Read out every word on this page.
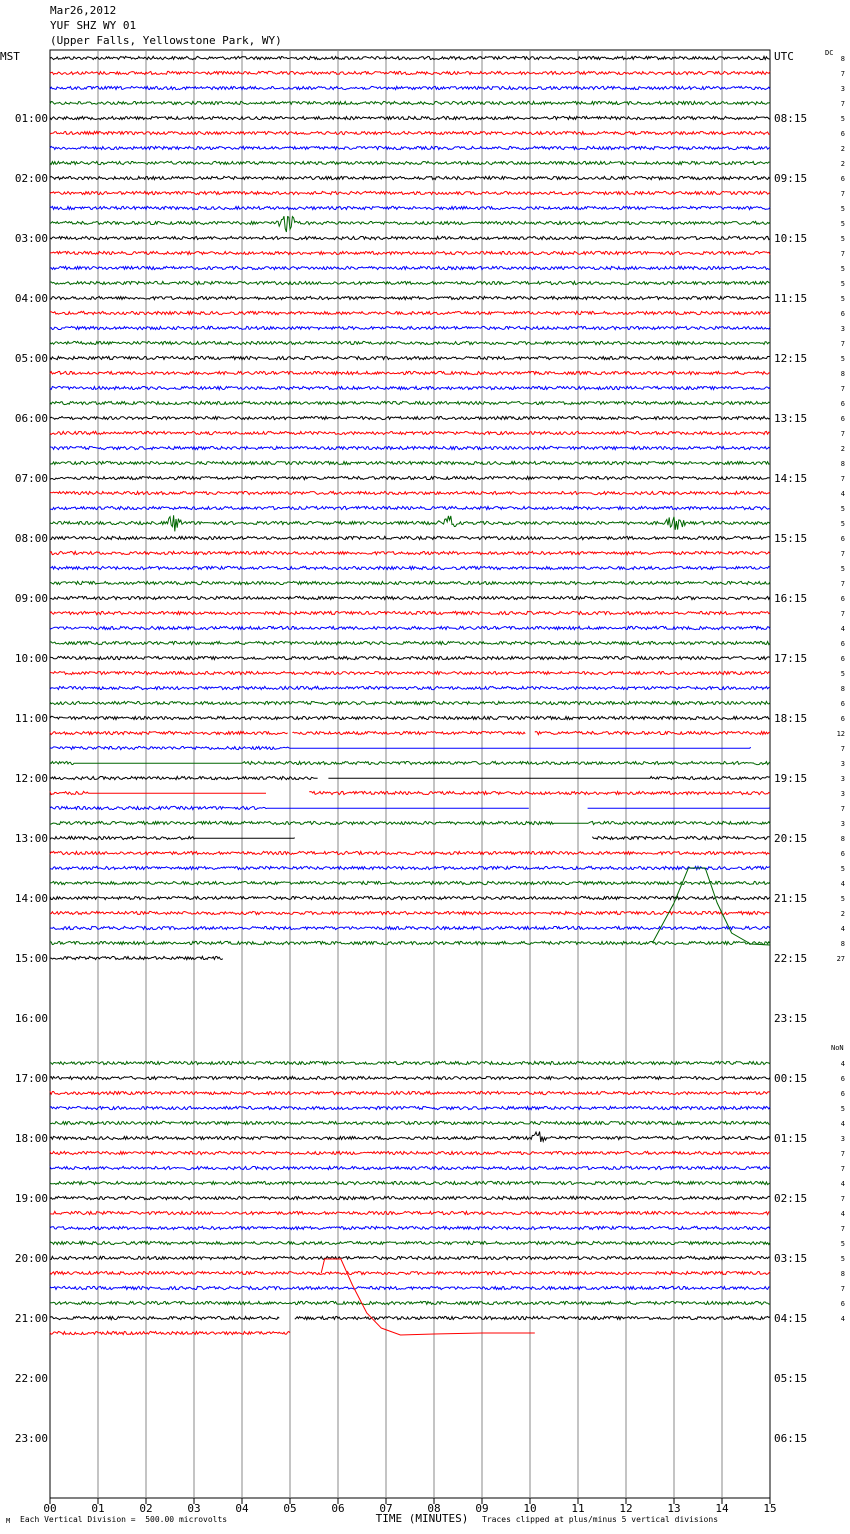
Mar26,2012
YUF SHZ WY 01
(Upper Falls, Yellowstone Park, WY)
M Each Vertical Division =  500.00 microvolts	Traces clipped at plus/minus 5 vertical divisions
DC
NoN
00	01	02	03	04	05	06	07	08	09	10	11	12	13	14	15
TIME (MINUTES)
MST
01:00
02:00
03:00
04:00
05:00
06:00
07:00
08:00
09:00
10:00
11:00
12:00
13:00
14:00
15:00
16:00
17:00
18:00
19:00
20:00
21:00
22:00
23:00
UTC
08:15
09:15
10:15
11:15
12:15
13:15
14:15
15:15
16:15
17:15
18:15
19:15
20:15
21:15
22:15
23:15
00:15
01:15
02:15
03:15
04:15
05:15
06:15
8
7
3
7
5
6
2
2
6
7
5
5
5
7
5
5
5
6
3
7
5
8
7
6
6
7
2
8
7
4
5
5
6
7
5
7
6
7
4
6
6
5
8
6
6
12
7
3
3
3
7
3
8
6
5
4
5
2
4
8
27
4
6
6
5
4
3
7
7
4
7
4
7
5
5
8
7
6
4
